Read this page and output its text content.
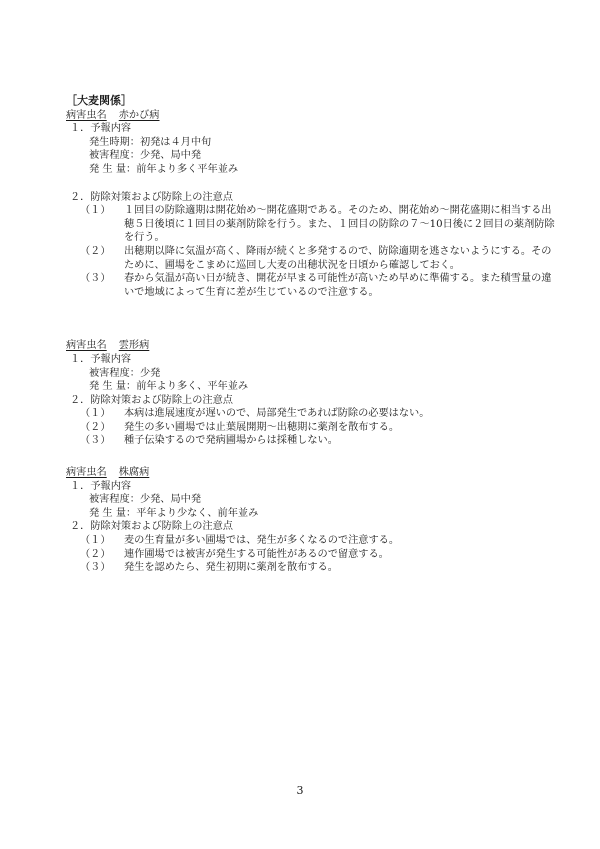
［大麦関係］
病害虫名 赤かび病
１．予報内容
発生時期：初発は４月中旬
被害程度：少発、局中発
発 生 量：前年より多く平年並み
２．防除対策および防除上の注意点
（１）	１回目の防除適期は開花始め～開花盛期である。そのため、開花始め～開花盛期に相当する出穂５日後頃に１回目の薬剤防除を行う。また、１回目の防除の７～10日後に２回目の薬剤防除を行う。
（２）	出穂期以降に気温が高く、降雨が続くと多発するので、防除適期を逃さないようにする。そのために、圃場をこまめに巡回し大麦の出穂状況を日頃から確認しておく。
（３）	春から気温が高い日が続き、開花が早まる可能性が高いため早めに準備する。また積雪量の違いで地域によって生育に差が生じているので注意する。
病害虫名 雲形病
１．予報内容
被害程度：少発
発 生 量：前年より多く、平年並み
２．防除対策および防除上の注意点
（１）	本病は進展速度が遅いので、局部発生であれば防除の必要はない。
（２）	発生の多い圃場では止葉展開期～出穂期に薬剤を散布する。
（３）	種子伝染するので発病圃場からは採種しない。
病害虫名 株腐病
１．予報内容
被害程度：少発、局中発
発 生 量：平年より少なく、前年並み
２．防除対策および防除上の注意点
（１）	麦の生育量が多い圃場では、発生が多くなるので注意する。
（２）	連作圃場では被害が発生する可能性があるので留意する。
（３）	発生を認めたら、発生初期に薬剤を散布する。
3
